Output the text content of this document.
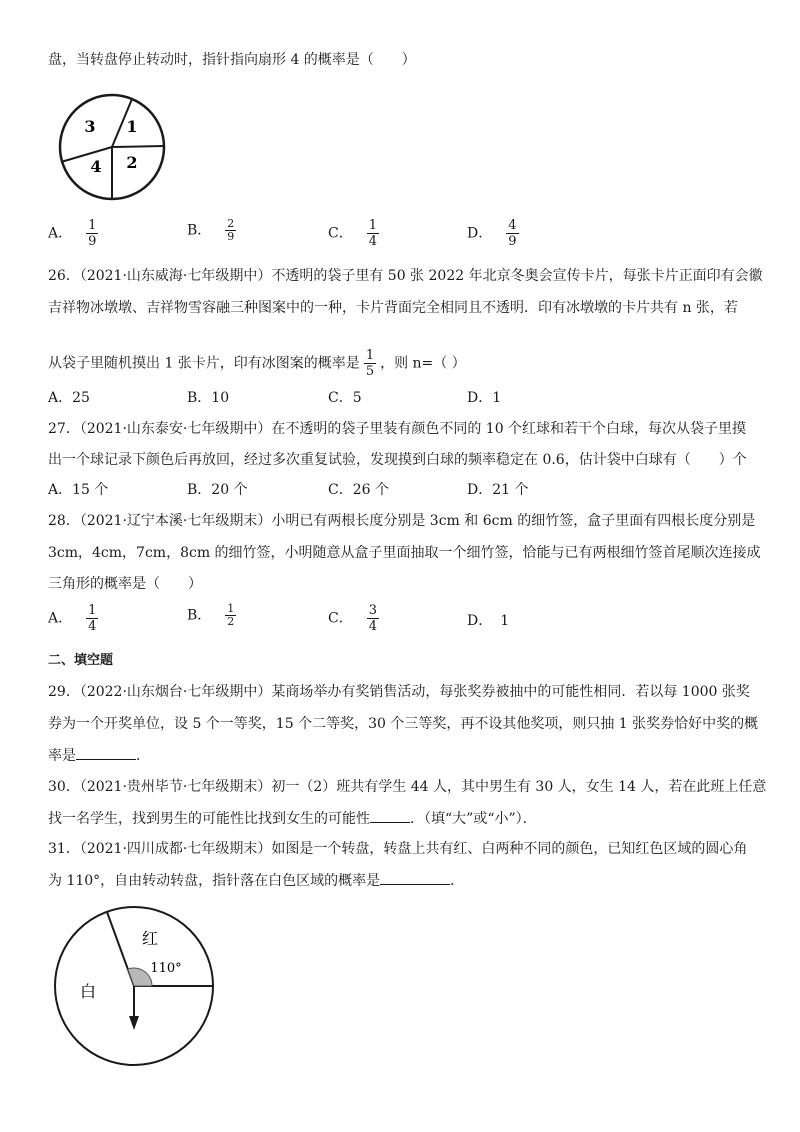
盘，当转盘停止转动时，指针指向扇形 4 的概率是（　　）
3 1
4 2
A． $\frac{1}{9}$	B． $\frac{2}{9}$	C． $\frac{1}{4}$	D． $\frac{4}{9}$
26．（2021·山东威海·七年级期中）不透明的袋子里有 50 张 2022 年北京冬奥会宣传卡片，每张卡片正面印有会徽
吉祥物冰墩墩、吉祥物雪容融三种图案中的一种，卡片背面完全相同且不透明．印有冰墩墩的卡片共有 n 张，若
从袋子里随机摸出 1 张卡片，印有冰图案的概率是 $\frac{1}{5}$ ，则 n=（ ）
A．25	B．10	C．5	D．1
27．（2021·山东泰安·七年级期中）在不透明的袋子里装有颜色不同的 10 个红球和若干个白球，每次从袋子里摸
出一个球记录下颜色后再放回，经过多次重复试验，发现摸到白球的频率稳定在 0.6，估计袋中白球有（　　）个
A．15 个	B．20 个	C．26 个	D．21 个
28．（2021·辽宁本溪·七年级期末）小明已有两根长度分别是 3cm 和 6cm 的细竹签，盒子里面有四根长度分别是
3cm，4cm，7cm，8cm 的细竹签，小明随意从盒子里面抽取一个细竹签，恰能与已有两根细竹签首尾顺次连接成
三角形的概率是（　　）
A． $\frac{1}{4}$	B． $\frac{1}{2}$	C． $\frac{3}{4}$	D． 1
二、填空题
29．（2022·山东烟台·七年级期中）某商场举办有奖销售活动，每张奖券被抽中的可能性相同．若以每 1000 张奖
券为一个开奖单位，设 5 个一等奖，15 个二等奖，30 个三等奖，再不设其他奖项，则只抽 1 张奖券恰好中奖的概
率是	．
30．（2021·贵州毕节·七年级期末）初一（2）班共有学生 44 人，其中男生有 30 人，女生 14 人，若在此班上任意
找一名学生，找到男生的可能性比找到女生的可能性	．（填“大”或“小”）．
31．（2021·四川成都·七年级期末）如图是一个转盘，转盘上共有红、白两种不同的颜色，已知红色区域的圆心角
为 110°，自由转动转盘，指针落在白色区域的概率是	．
红
110°
白
